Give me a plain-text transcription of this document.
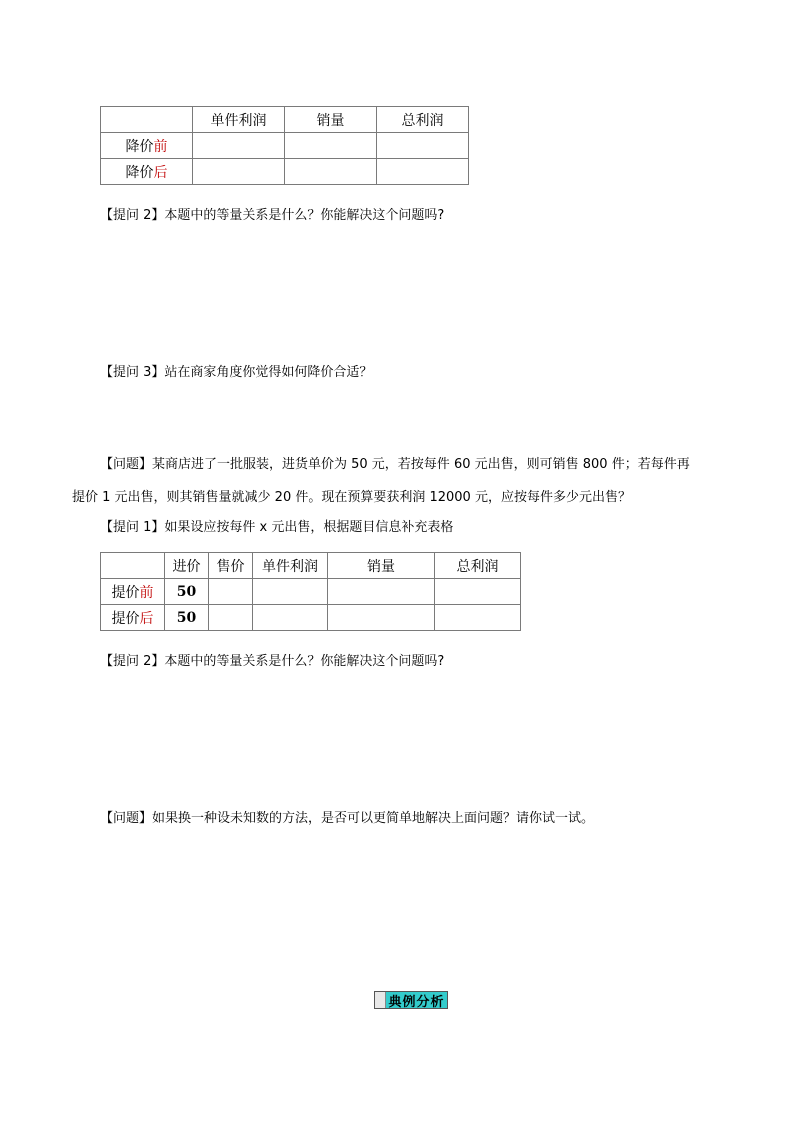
	单件利润	销量	总利润
降价前			
降价后			
【提问 2】本题中的等量关系是什么？你能解决这个问题吗?
【提问 3】站在商家角度你觉得如何降价合适？
【问题】某商店进了一批服装，进货单价为 50 元，若按每件 60 元出售，则可销售 800 件；若每件再
提价 1 元出售，则其销售量就减少 20 件。现在预算要获利润 12000 元，应按每件多少元出售？
【提问 1】如果设应按每件 x 元出售，根据题目信息补充表格
	进价	售价	单件利润	销量	总利润
提价前	50				
提价后	50				
【提问 2】本题中的等量关系是什么？你能解决这个问题吗?
【问题】如果换一种设未知数的方法，是否可以更简单地解决上面问题？请你试一试。
典例分析
